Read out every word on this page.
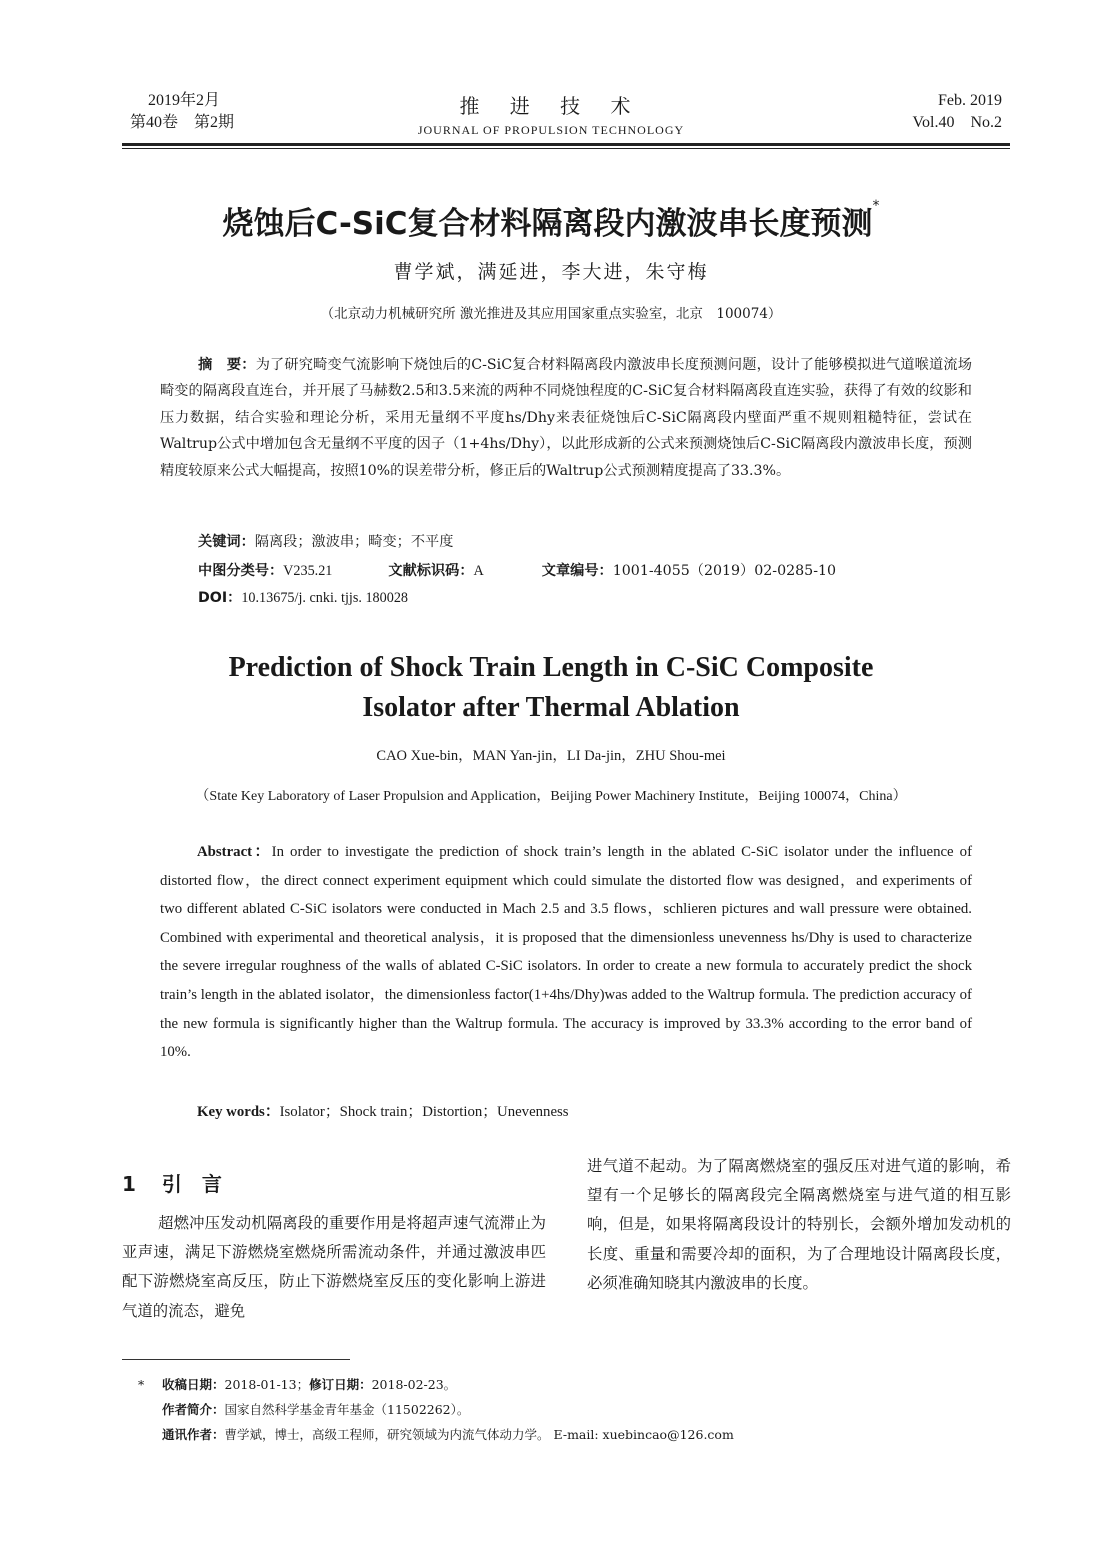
2019年2月
第40卷　第2期
推 进 技 术
JOURNAL OF PROPULSION TECHNOLOGY
Feb. 2019
Vol.40　No.2
烧蚀后C-SiC复合材料隔离段内激波串长度预测*
曹学斌，满延进，李大进，朱守梅
（北京动力机械研究所 激光推进及其应用国家重点实验室，北京　100074）
摘　要：为了研究畸变气流影响下烧蚀后的C-SiC复合材料隔离段内激波串长度预测问题，设计了能够模拟进气道喉道流场畸变的隔离段直连台，并开展了马赫数2.5和3.5来流的两种不同烧蚀程度的C-SiC复合材料隔离段直连实验，获得了有效的纹影和压力数据，结合实验和理论分析，采用无量纲不平度hs/Dhy来表征烧蚀后C-SiC隔离段内壁面严重不规则粗糙特征，尝试在Waltrup公式中增加包含无量纲不平度的因子（1+4hs/Dhy），以此形成新的公式来预测烧蚀后C-SiC隔离段内激波串长度，预测精度较原来公式大幅提高，按照10%的误差带分析，修正后的Waltrup公式预测精度提高了33.3%。
关键词：隔离段；激波串；畸变；不平度
中图分类号：V235.21	文献标识码：A	文章编号：1001-4055（2019）02-0285-10
DOI：10.13675/j. cnki. tjjs. 180028
Prediction of Shock Train Length in C-SiC Composite
Isolator after Thermal Ablation
CAO Xue-bin，MAN Yan-jin，LI Da-jin，ZHU Shou-mei
（State Key Laboratory of Laser Propulsion and Application，Beijing Power Machinery Institute，Beijing 100074，China）
Abstract：In order to investigate the prediction of shock train’s length in the ablated C-SiC isolator under the influence of distorted flow，the direct connect experiment equipment which could simulate the distorted flow was designed，and experiments of two different ablated C-SiC isolators were conducted in Mach 2.5 and 3.5 flows，schlieren pictures and wall pressure were obtained. Combined with experimental and theoretical analysis，it is proposed that the dimensionless unevenness hs/Dhy is used to characterize the severe irregular roughness of the walls of ablated C-SiC isolators. In order to create a new formula to accurately predict the shock train’s length in the ablated isolator，the dimensionless factor(1+4hs/Dhy)was added to the Waltrup formula. The prediction accuracy of the new formula is significantly higher than the Waltrup formula. The accuracy is improved by 33.3% according to the error band of 10%.
Key words：Isolator；Shock train；Distortion；Unevenness
1 引　言
超燃冲压发动机隔离段的重要作用是将超声速气流滞止为亚声速，满足下游燃烧室燃烧所需流动条件，并通过激波串匹配下游燃烧室高反压，防止下游燃烧室反压的变化影响上游进气道的流态，避免
进气道不起动。为了隔离燃烧室的强反压对进气道的影响，希望有一个足够长的隔离段完全隔离燃烧室与进气道的相互影响，但是，如果将隔离段设计的特别长，会额外增加发动机的长度、重量和需要冷却的面积，为了合理地设计隔离段长度，必须准确知晓其内激波串的长度。
* 收稿日期：2018-01-13；修订日期：2018-02-23。
作者简介：国家自然科学基金青年基金（11502262）。
通讯作者：曹学斌，博士，高级工程师，研究领域为内流气体动力学。 E-mail: xuebincao@126.com
